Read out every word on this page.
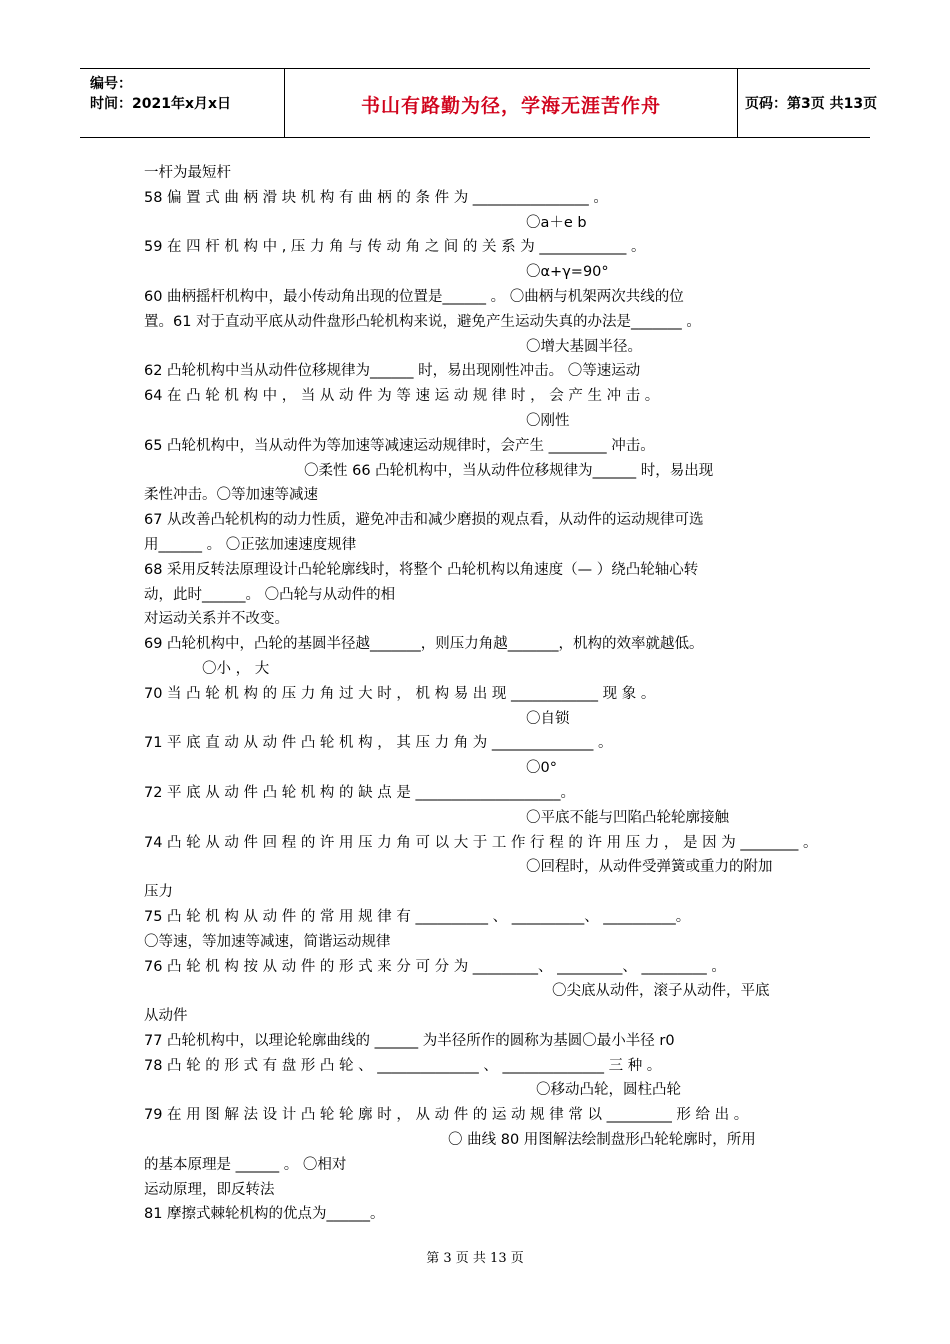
编号：
时间：2021年x月x日	书山有路勤为径，学海无涯苦作舟	页码：第3页 共13页
一杆为最短杆
58 偏 置 式 曲 柄 滑 块 机 构 有 曲 柄 的 条 件 为 ________________ 。
〇a＋e b
59 在 四 杆 机 构 中 , 压 力 角 与 传 动 角 之 间 的 关 系 为 ____________ 。
〇α+γ=90°
60 曲柄摇杆机构中，最小传动角出现的位置是______ 。 〇曲柄与机架两次共线的位
置。61 对于直动平底从动件盘形凸轮机构来说，避免产生运动失真的办法是_______ 。
〇增大基圆半径。
62 凸轮机构中当从动件位移规律为______ 时，易出现刚性冲击。 〇等速运动
64 在 凸 轮 机 构 中 ， 当 从 动 件 为 等 速 运 动 规 律 时 ， 会 产 生 冲 击 。
〇刚性
65 凸轮机构中，当从动件为等加速等减速运动规律时，会产生 ________ 冲击。
〇柔性 66 凸轮机构中，当从动件位移规律为______ 时，易出现
柔性冲击。〇等加速等减速
67 从改善凸轮机构的动力性质，避免冲击和减少磨损的观点看，从动件的运动规律可选
用______ 。 〇正弦加速速度规律
68 采用反转法原理设计凸轮轮廓线时，将整个 凸轮机构以角速度（— ）绕凸轮轴心转
动，此时______。 〇凸轮与从动件的相
对运动关系并不改变。
69 凸轮机构中，凸轮的基圆半径越_______，则压力角越_______，机构的效率就越低。
〇小 ， 大
70 当 凸 轮 机 构 的 压 力 角 过 大 时 ， 机 构 易 出 现 ____________ 现 象 。
〇自锁
71 平 底 直 动 从 动 件 凸 轮 机 构 ， 其 压 力 角 为 ______________ 。
〇0°
72 平 底 从 动 件 凸 轮 机 构 的 缺 点 是 ____________________。
〇平底不能与凹陷凸轮轮廓接触
74 凸 轮 从 动 件 回 程 的 许 用 压 力 角 可 以 大 于 工 作 行 程 的 许 用 压 力 ， 是 因 为 ________ 。
〇回程时，从动件受弹簧或重力的附加
压力
75 凸 轮 机 构 从 动 件 的 常 用 规 律 有 __________ 、 __________、 __________。
〇等速，等加速等减速，简谐运动规律
76 凸 轮 机 构 按 从 动 件 的 形 式 来 分 可 分 为 _________、 _________、 _________ 。
〇尖底从动件，滚子从动件，平底
从动件
77 凸轮机构中，以理论轮廓曲线的 ______ 为半径所作的圆称为基圆〇最小半径 r0
78 凸 轮 的 形 式 有 盘 形 凸 轮 、 ______________ 、 ______________ 三 种 。
〇移动凸轮，圆柱凸轮
79 在 用 图 解 法 设 计 凸 轮 轮 廓 时 ， 从 动 件 的 运 动 规 律 常 以 _________ 形 给 出 。
〇 曲线 80 用图解法绘制盘形凸轮轮廓时，所用
的基本原理是 ______ 。 〇相对
运动原理，即反转法
81 摩擦式棘轮机构的优点为______。
第 3 页 共 13 页
